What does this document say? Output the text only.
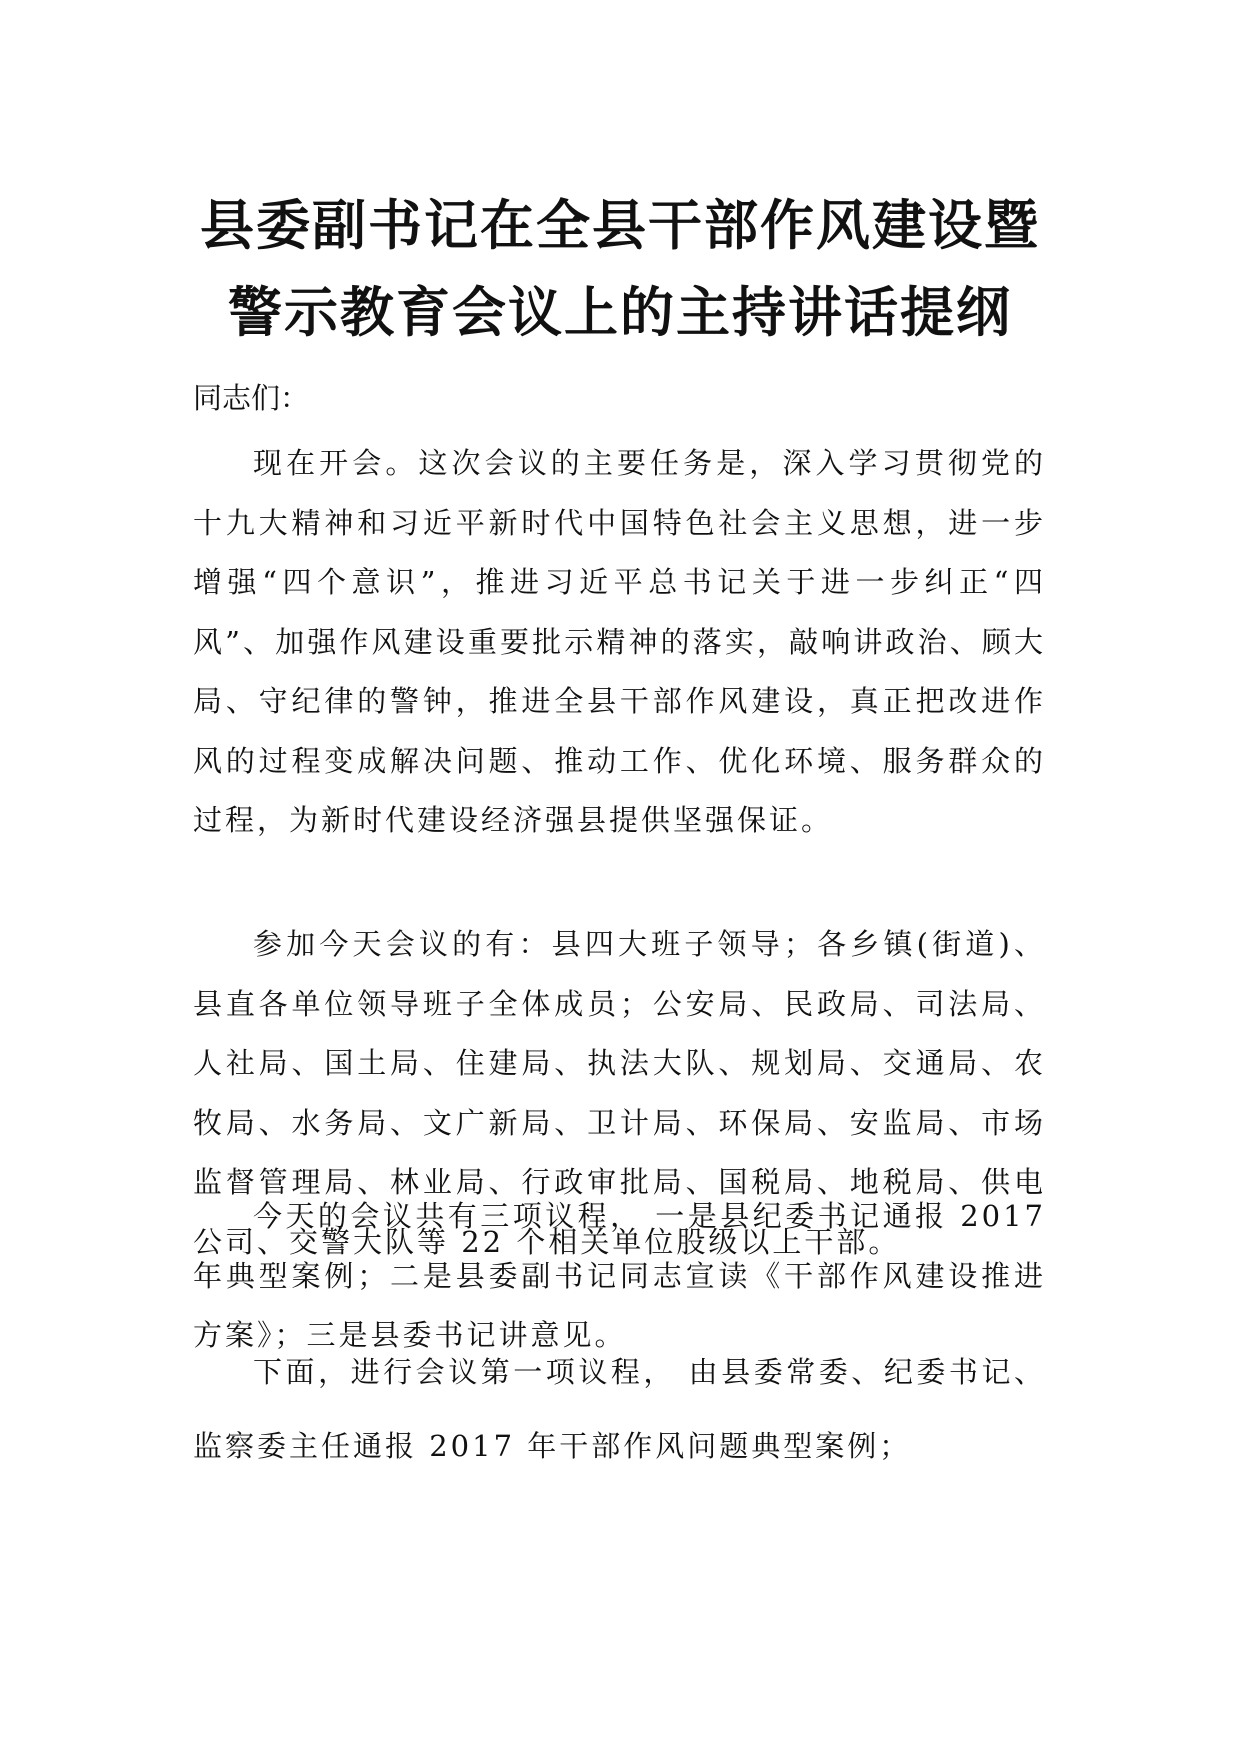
县委副书记在全县干部作风建设暨
警示教育会议上的主持讲话提纲

同志们：

现在开会。这次会议的主要任务是，深入学习贯彻党的十九大精神和习近平新时代中国特色社会主义思想，进一步增强“四个意识”，推进习近平总书记关于进一步纠正“四风”、加强作风建设重要批示精神的落实，敲响讲政治、顾大局、守纪律的警钟，推进全县干部作风建设，真正把改进作风的过程变成解决问题、推动工作、优化环境、服务群众的过程，为新时代建设经济强县提供坚强保证。

参加今天会议的有：县四大班子领导；各乡镇(街道)、县直各单位领导班子全体成员；公安局、民政局、司法局、人社局、国土局、住建局、执法大队、规划局、交通局、农牧局、水务局、文广新局、卫计局、环保局、安监局、市场监督管理局、林业局、行政审批局、国税局、地税局、供电公司、交警大队等 22 个相关单位股级以上干部。

今天的会议共有三项议程， 一是县纪委书记通报 2017 年典型案例；二是县委副书记同志宣读《干部作风建设推进方案》；三是县委书记讲意见。

下面，进行会议第一项议程， 由县委常委、纪委书记、监察委主任通报 2017 年干部作风问题典型案例；
